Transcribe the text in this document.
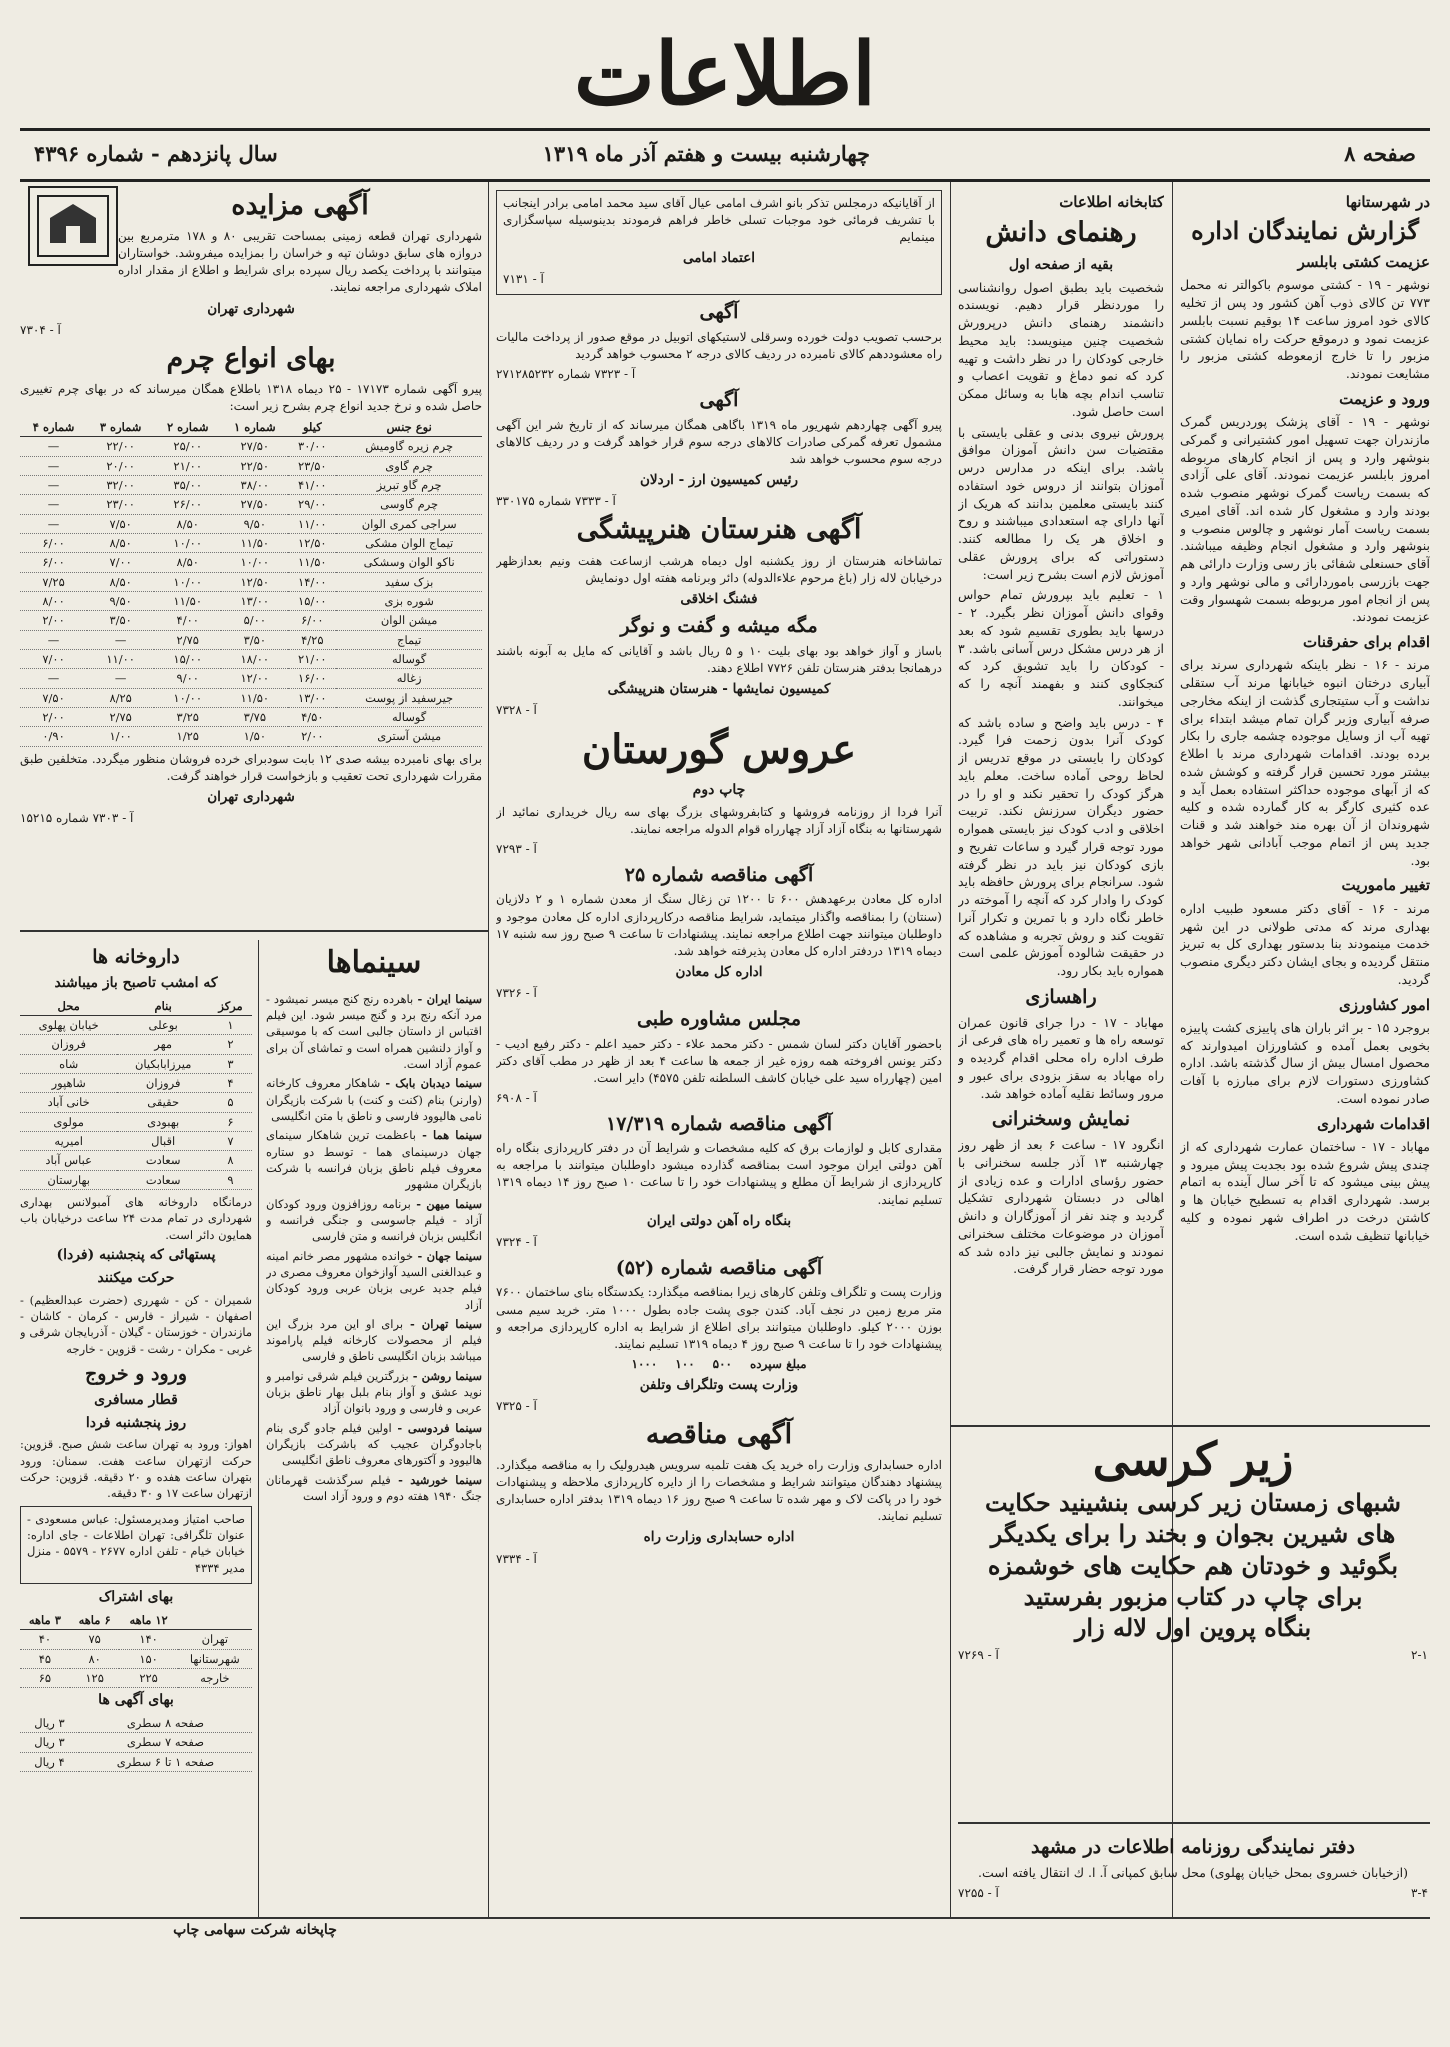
اطلاعات
صفحه ۸
چهارشنبه بیست و هفتم آذر ماه ۱۳۱۹
سال پانزدهم - شماره ۴۳۹۶
در شهرستانها
گزارش نمایندگان اداره
عزیمت کشتی بابلسر

نوشهر - ۱۹ - کشتی موسوم باکوالتر نه محمل ۷۷۳ تن کالای ذوب آهن کشور ود پس از تخلیه کالای خود امروز ساعت ۱۴ بوقیم نسبت بابلسر عزیمت نمود و درموقع حرکت راه نمایان کشتی مزبور را تا خارج ازمعوطه کشتی مزبور را مشایعت نمودند.

ورود و عزیمت

نوشهر - ۱۹ - آقای پزشک پوردریس گمرک مازندران جهت تسهیل امور کشتیرانی و گمرکی بنوشهر وارد و پس از انجام کارهای مربوطه امروز بابلسر عزیمت نمودند. آقای علی آزادی که بسمت ریاست گمرک نوشهر منصوب شده بودند وارد و مشغول کار شده اند. آقای امیری بسمت ریاست آمار نوشهر و چالوس منصوب و بنوشهر وارد و مشغول انجام وظیفه میباشند. آقای حسنعلی شفائی باز رسی وزارت دارائی هم جهت بازرسی باموردارائی و مالی نوشهر وارد و پس از انجام امور مربوطه بسمت شهسوار وقت عزیمت نمودند.

اقدام برای حفرقنات

مرند - ۱۶ - نظر باینکه شهرداری سرند برای آبیاری درختان انبوه خیابانها مرند آب ستقلی نداشت و آب ستیتجاری گذشت از اینکه مخارجی صرفه آبیاری وزبر گران تمام میشد ابتداء برای تهیه آب از وسایل موجوده چشمه جاری را بکار برده بودند. اقدامات شهرداری مرند با اطلاع بیشتر مورد تحسین قرار گرفته و کوشش شده که از آبهای موجوده حداکثر استفاده بعمل آید و عده کثیری کارگر به کار گمارده شده و کلیه شهروندان از آن بهره مند خواهند شد و قنات جدید پس از اتمام موجب آبادانی شهر خواهد بود.

تغییر ماموریت

مرند - ۱۶ - آقای دکتر مسعود طبیب اداره بهداری مرند که مدتی طولانی در این شهر خدمت مینمودند بنا بدستور بهداری کل به تبریز منتقل گردیده و بجای ایشان دکتر دیگری منصوب گردید.

امور کشاورزی

بروجرد ۱۵ - بر اثر باران های پاییزی کشت پاییزه بخوبی بعمل آمده و کشاورزان امیدوارند که محصول امسال بیش از سال گذشته باشد. اداره کشاورزی دستورات لازم برای مبارزه با آفات صادر نموده است.

اقدامات شهرداری

مهاباد - ۱۷ - ساختمان عمارت شهرداری که از چندی پیش شروع شده بود بجدیت پیش میرود و پیش بینی میشود که تا آخر سال آینده به اتمام برسد. شهرداری اقدام به تسطیح خیابان ها و کاشتن درخت در اطراف شهر نموده و کلیه خیابانها تنظیف شده است.

کتابخانه اطلاعات
رهنمای دانش
بقیه از صفحه اول

شخصیت باید بطبق اصول روانشناسی را موردنظر قرار دهیم. نویسنده دانشمند رهنمای دانش درپرورش شخصیت چنین مینویسد: باید محیط خارجی کودکان را در نظر داشت و تهیه کرد که نمو دماغ و تقویت اعصاب و تناسب اندام بچه هابا به وسائل ممکن است حاصل شود.

پرورش نیروی بدنی و عقلی بایستی با مقتضیات سن دانش آموزان موافق باشد. برای اینکه در مدارس درس آموزان بتوانند از دروس خود استفاده کنند بایستی معلمین بدانند که هریک از آنها دارای چه استعدادی میباشند و روح و اخلاق هر یک را مطالعه کنند. دستوراتی که برای پرورش عقلی آموزش لازم است بشرح زیر است:

۱ - تعلیم باید بپرورش تمام حواس وقوای دانش آموزان نظر بگیرد. ۲ - درسها باید بطوری تقسیم شود که بعد از هر درس مشکل درس آسانی باشد. ۳ - کودکان را باید تشویق کرد که کنجکاوی کنند و بفهمند آنچه را که میخوانند.

۴ - درس باید واضح و ساده باشد که کودک آنرا بدون زحمت فرا گیرد. کودکان را بایستی در موقع تدریس از لحاظ روحی آماده ساخت. معلم باید هرگز کودک را تحقیر نکند و او را در حضور دیگران سرزنش نکند. تربیت اخلاقی و ادب کودک نیز بایستی همواره مورد توجه قرار گیرد و ساعات تفریح و بازی کودکان نیز باید در نظر گرفته شود. سرانجام برای پرورش حافظه باید کودک را وادار کرد که آنچه را آموخته در خاطر نگاه دارد و با تمرین و تکرار آنرا تقویت کند و روش تجربه و مشاهده که در حقیقت شالوده آموزش علمی است همواره باید بکار رود.

راهسازی

مهاباد - ۱۷ - درا جرای قانون عمران توسعه راه ها و تعمیر راه های فرعی از طرف اداره راه محلی اقدام گردیده و راه مهاباد به سقز بزودی برای عبور و مرور وسائط نقلیه آماده خواهد شد.

نمایش وسخنرانی

انگرود ۱۷ - ساعت ۶ بعد از ظهر روز چهارشنبه ۱۳ آذر جلسه سخنرانی با حضور رؤسای ادارات و عده زیادی از اهالی در دبستان شهرداری تشکیل گردید و چند نفر از آموزگاران و دانش آموزان در موضوعات مختلف سخنرانی نمودند و نمایش جالبی نیز داده شد که مورد توجه حضار قرار گرفت.

از آقایانیکه درمجلس تذکر بانو اشرف امامی عیال آقای سید محمد امامی برادر اینجانب با تشریف فرمائی خود موجبات تسلی خاطر فراهم فرمودند بدینوسیله سپاسگزاری مینمایم

اعتماد امامی
آ - ۷۱۳۱
آگهی

برحسب تصویب دولت خورده وسرقلی لاستیکهای اتوبیل در موقع صدور از پرداخت مالیات راه معشوددهم کالای نامبرده در ردیف کالای درجه ۲ محسوب خواهد گردید

آ - ۷۳۲۳ شماره ۲۷۱۲۸۵۲۳۲
آگهی

پیرو آگهی چهاردهم شهریور ماه ۱۳۱۹ باگاهی همگان میرساند که از تاریخ شر این آگهی مشمول تعرفه گمرکی صادرات کالاهای درجه سوم قرار خواهد گرفت و در ردیف کالاهای درجه سوم محسوب خواهد شد

رئیس کمیسیون ارز - اردلان
آ - ۷۳۳۳ شماره ۳۳۰۱۷۵
آگهی هنرستان هنرپیشگی

تماشاخانه هنرستان از روز یکشنبه اول دیماه هرشب ازساعت هفت ونیم بعدازظهر درخیابان لاله زار (باغ مرحوم علاءالدوله) دائر وبرنامه هفته اول دونمایش

فشنگ اخلاقی
مگه میشه و گفت و نوگر

باساز و آواز خواهد بود بهای بلیت ۱۰ و ۵ ریال باشد و آقایانی که مایل به آبونه باشند درهمانجا بدفتر هنرستان تلفن ۷۷۲۶ اطلاع دهند.

کمیسیون نمایشها - هنرستان هنرپیشگی
آ - ۷۳۲۸
عروس گورستان
چاپ دوم

آنرا فردا از روزنامه فروشها و کتابفروشهای بزرگ بهای سه ریال خریداری نمائید از شهرستانها به بنگاه آزاد آزاد چهارراه قوام الدوله مراجعه نمایند.

آ - ۷۲۹۳
آگهی مناقصه شماره ۲۵

اداره کل معادن برعهدهش ۶۰۰ تا ۱۲۰۰ تن زغال سنگ از معدن شماره ۱ و ۲ دلازیان (سنتان) را بمناقصه واگذار میتماید، شرایط مناقصه درکارپردازی اداره کل معادن موجود و داوطلبان میتوانند جهت اطلاع مراجعه نمایند. پیشنهادات تا ساعت ۹ صبح روز سه شنبه ۱۷ دیماه ۱۳۱۹ دردفتر اداره کل معادن پذیرفته خواهد شد.

اداره کل معادن
آ - ۷۳۲۶
مجلس مشاوره طبی

باحضور آقایان دکتر لسان شمس - دکتر محمد علاء - دکتر حمید اعلم - دکتر رفیع ادیب - دکتر یونس افروخته همه روزه غیر از جمعه ها ساعت ۴ بعد از ظهر در مطب آقای دکتر امین (چهارراه سید علی خیابان کاشف السلطنه تلفن ۴۵۷۵) دایر است.

آ - ۶۹۰۸
آگهی مناقصه شماره ۱۷/۳۱۹

مقداری کابل و لوازمات برق که کلیه مشخصات و شرایط آن در دفتر کارپردازی بنگاه راه آهن دولتی ایران موجود است بمناقصه گذارده میشود داوطلبان میتوانند با مراجعه به کارپردازی از شرایط آن مطلع و پیشنهادات خود را تا ساعت ۱۰ صبح روز ۱۴ دیماه ۱۳۱۹ تسلیم نمایند.

بنگاه راه آهن دولتی ایران
آ - ۷۳۲۴
آگهی مناقصه شماره (۵۲)

وزارت پست و تلگراف وتلفن کارهای زیرا بمناقصه میگذارد: یکدستگاه بنای ساختمان ۷۶۰۰ متر مربع زمین در نجف آباد. کندن جوی پشت جاده بطول ۱۰۰۰ متر. خرید سیم مسی بوزن ۲۰۰۰ کیلو. داوطلبان میتوانند برای اطلاع از شرایط به اداره کارپردازی مراجعه و پیشنهادات خود را تا ساعت ۹ صبح روز ۴ دیماه ۱۳۱۹ تسلیم نمایند.

مبلغ سپرده
۵۰۰
۱۰۰
۱۰۰۰
وزارت پست وتلگراف وتلفن
آ - ۷۳۲۵
آگهی مناقصه

اداره حسابداری وزارت راه خرید یک هفت تلمبه سرویس هیدرولیک را به مناقصه میگذارد. پیشنهاد دهندگان میتوانند شرایط و مشخصات را از دایره کارپردازی ملاحظه و پیشنهادات خود را در پاکت لاک و مهر شده تا ساعت ۹ صبح روز ۱۶ دیماه ۱۳۱۹ بدفتر اداره حسابداری تسلیم نمایند.

اداره حسابداری وزارت راه
آ - ۷۳۳۴
آگهی مزایده

شهرداری تهران قطعه زمینی بمساحت تقریبی ۸۰ و ۱۷۸ مترمربع بین دروازه های سابق دوشان تپه و خراسان را بمزایده میفروشد. خواستاران میتوانند با پرداخت یکصد ریال سپرده برای شرایط و اطلاع از مقدار اداره املاک شهرداری مراجعه نمایند.

شهرداری تهران
آ - ۷۳۰۴
بهای انواع چرم

پیرو آگهی شماره ۱۷۱۷۳ - ۲۵ دیماه ۱۳۱۸ باطلاع همگان میرساند که در بهای چرم تغییری حاصل شده و نرخ جدید انواع چرم بشرح زیر است:

نوع جنس	کیلو	شماره ۱	شماره ۲	شماره ۳	شماره ۴
چرم زیره گاومیش	۳۰/۰۰	۲۷/۵۰	۲۵/۰۰	۲۲/۰۰	—
چرم گاوی	۲۳/۵۰	۲۲/۵۰	۲۱/۰۰	۲۰/۰۰	—
چرم گاو تبریز	۴۱/۰۰	۳۸/۰۰	۳۵/۰۰	۳۲/۰۰	—
چرم گاوسی	۲۹/۰۰	۲۷/۵۰	۲۶/۰۰	۲۳/۰۰	—
سراجی کمری الوان	۱۱/۰۰	۹/۵۰	۸/۵۰	۷/۵۰	—
تیماج الوان مشکی	۱۲/۵۰	۱۱/۵۰	۱۰/۰۰	۸/۵۰	۶/۰۰
ناکو الوان وسشکی	۱۱/۵۰	۱۰/۰۰	۸/۵۰	۷/۰۰	۶/۰۰
بزک سفید	۱۴/۰۰	۱۲/۵۰	۱۰/۰۰	۸/۵۰	۷/۲۵
شوره بزی	۱۵/۰۰	۱۳/۰۰	۱۱/۵۰	۹/۵۰	۸/۰۰
میشن الوان	۶/۰۰	۵/۰۰	۴/۰۰	۳/۵۰	۲/۰۰
تیماج	۴/۲۵	۳/۵۰	۲/۷۵	—	—
گوساله	۲۱/۰۰	۱۸/۰۰	۱۵/۰۰	۱۱/۰۰	۷/۰۰
زغاله	۱۶/۰۰	۱۲/۰۰	۹/۰۰	—	—
جیرسفید از پوست	۱۳/۰۰	۱۱/۵۰	۱۰/۰۰	۸/۲۵	۷/۵۰
گوساله	۴/۵۰	۳/۷۵	۳/۲۵	۲/۷۵	۲/۰۰
میشن آستری	۲/۰۰	۱/۵۰	۱/۲۵	۱/۰۰	۰/۹۰

برای بهای نامبرده بیشه صدی ۱۲ بابت سودبرای خرده فروشان منظور میگردد. متخلفین طبق مقررات شهرداری تحت تعقیب و بازخواست قرار خواهند گرفت.

شهرداری تهران
آ - ۷۳۰۳ شماره ۱۵۲۱۵
داروخانه ها
که امشب تاصبح باز میباشند
مرکز	بنام	محل
۱	بوعلی	خیابان پهلوی
۲	مهر	فروزان
۳	میرزابابکیان	شاه
۴	فروزان	شاهپور
۵	حقیقی	خانی آباد
۶	بهبودی	مولوی
۷	اقبال	امیریه
۸	سعادت	عباس آباد
۹	سعادت	بهارستان

درمانگاه داروخانه های آمبولانس بهداری شهرداری در تمام مدت ۲۴ ساعت درخیابان باب همایون دائر است.

پستهائی که پنجشنبه (فردا)
حرکت میکنند

شمیران - کن - شهرری (حضرت عبدالعظیم) - اصفهان - شیراز - فارس - کرمان - کاشان - مازندران - خوزستان - گیلان - آذربایجان شرقی و غربی - مکران - رشت - قزوین - خارجه

ورود و خروج
قطار مسافری
روز پنجشنبه فردا

اهواز: ورود به تهران ساعت شش صبح. قزوین: حرکت ازتهران ساعت هفت. سمنان: ورود بتهران ساعت هفده و ۲۰ دقیقه. قزوین: حرکت ازتهران ساعت ۱۷ و ۳۰ دقیقه.

صاحب امتیاز ومدیرمسئول: عباس مسعودی - عنوان تلگرافی: تهران اطلاعات - جای اداره: خیابان خیام - تلفن اداره ۲۶۷۷ - ۵۵۷۹ - منزل مدیر ۴۳۳۴

بهای اشتراک
	۱۲ ماهه	۶ ماهه	۳ ماهه
تهران	۱۴۰	۷۵	۴۰
شهرستانها	۱۵۰	۸۰	۴۵
خارجه	۲۲۵	۱۲۵	۶۵
بهای آگهی ها
صفحه ۸ سطری	۳ ریال
صفحه ۷ سطری	۳ ریال
صفحه ۱ تا ۶ سطری	۴ ریال
سینماها

سینما ایران - باهرده رنج کنج میسر نمیشود - مرد آنکه رنج برد و گنج میسر شود. این فیلم اقتباس از داستان جالبی است که با موسیقی و آواز دلنشین همراه است و تماشای آن برای عموم آزاد است.

سینما دیدبان بابک - شاهکار معروف کارخانه (وارنر) بنام (کنت و کنت) با شرکت بازیگران نامی هالیوود فارسی و ناطق با متن انگلیسی

سینما هما - باعظمت ترین شاهکار سینمای جهان درسینمای هما - توسط دو ستاره معروف فیلم ناطق بزبان فرانسه با شرکت بازیگران مشهور

سینما میهن - برنامه روزافزون ورود کودکان آزاد - فیلم جاسوسی و جنگی فرانسه و انگلیس بزبان فرانسه و متن فارسی

سینما جهان - خوانده مشهور مصر خانم امینه و عبدالغنی السید آوازخوان معروف مصری در فیلم جدید عربی بزبان عربی ورود کودکان آزاد

سینما تهران - برای او این مرد بزرگ این فیلم از محصولات کارخانه فیلم پاراموند میباشد بزبان انگلیسی ناطق و فارسی

سینما روشن - بزرگترین فیلم شرقی نوامبر و نوید عشق و آواز بنام بلبل بهار ناطق بزبان عربی و فارسی و ورود بانوان آزاد

سینما فردوسی - اولین فیلم جادو گری بنام باجادوگران عجیب که باشرکت بازیگران هالیوود و آکتورهای معروف ناطق انگلیسی

سینما خورشید - فیلم سرگذشت قهرمانان جنگ ۱۹۴۰ هفته دوم و ورود آزاد است

زیر کرسی
شبهای زمستان زیر کرسی بنشینید حکایت
های شیرین بجوان و بخند را برای یکدیگر
بگوئید و خودتان هم حکایت های خوشمزه
برای چاپ در کتاب مزبور بفرستید
بنگاه پروین اول لاله زار
آ - ۷۲۶۹	۲-۱
دفتر نمایندگی روزنامه اطلاعات در مشهد

(ازخیابان خسروی بمحل خیابان پهلوی) محل سابق کمپانی آ. ا. ك انتقال یافته است.

آ - ۷۲۵۵	۳-۴
چاپخانه شرکت سهامی چاپ
